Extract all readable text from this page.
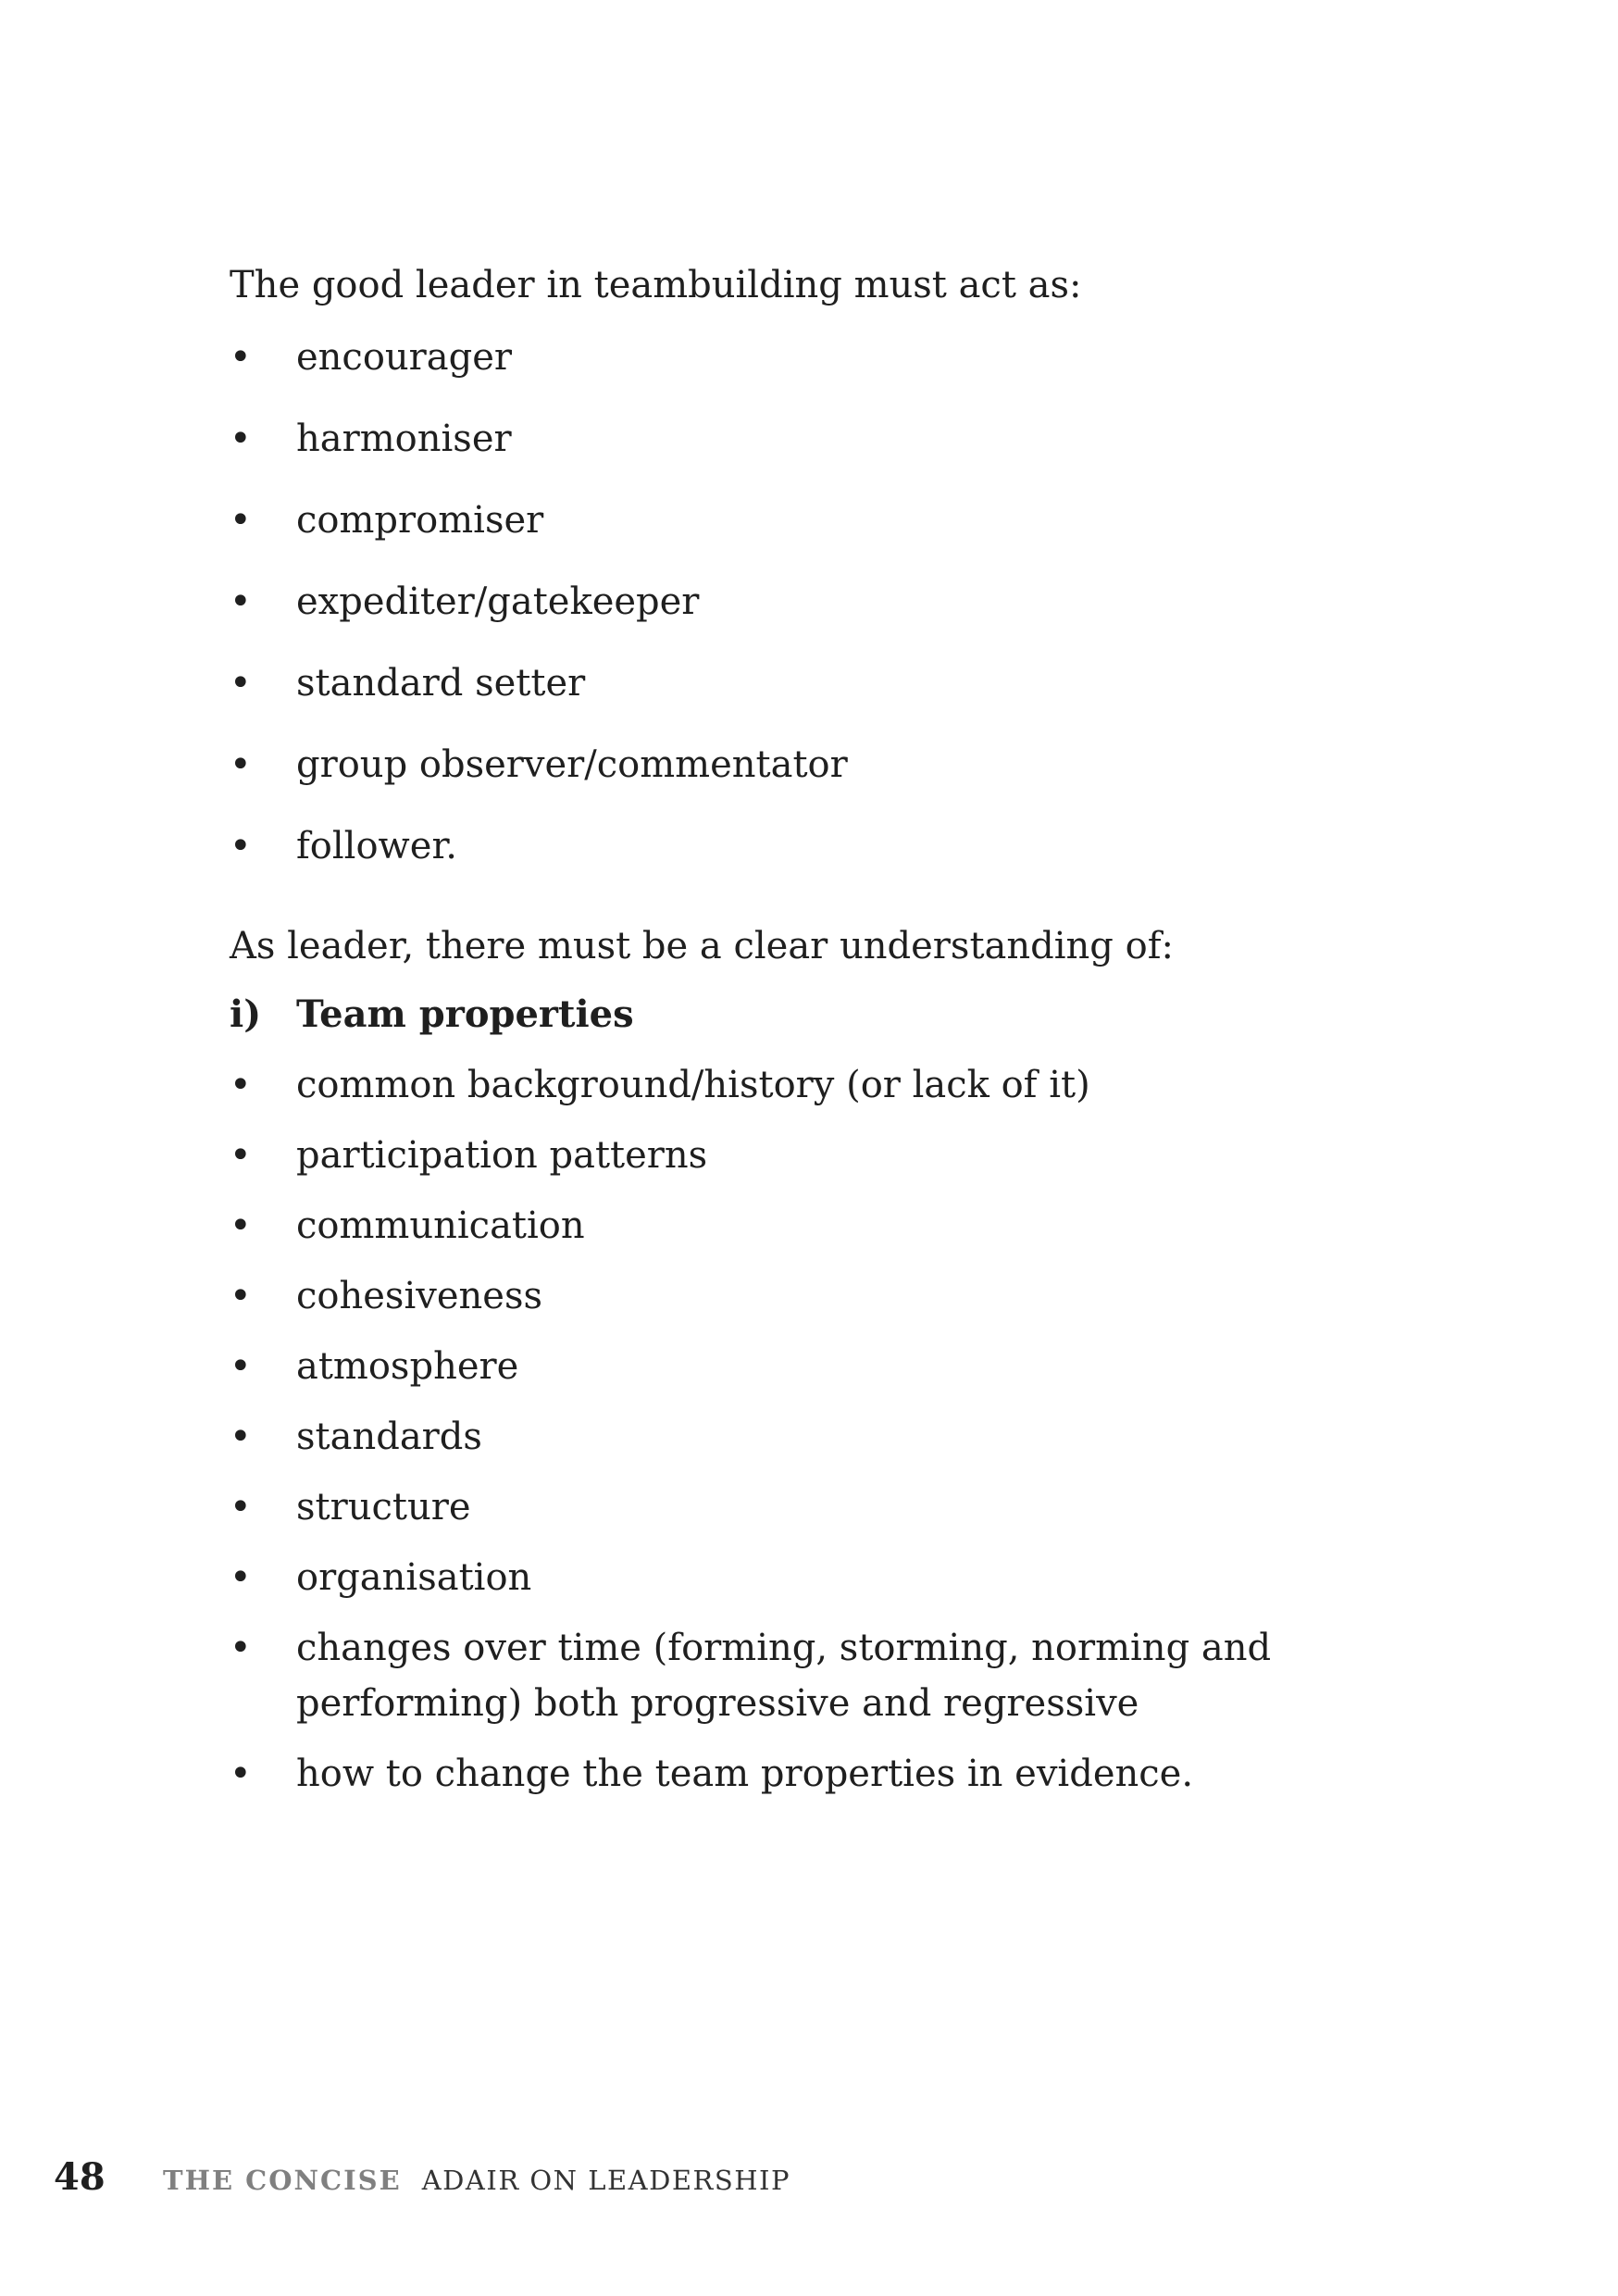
The good leader in teambuilding must act as:

•	encourager
•	harmoniser
•	compromiser
•	expediter/gatekeeper
•	standard setter
•	group observer/commentator
•	follower.

As leader, there must be a clear understanding of:

i) Team properties
•	common background/history (or lack of it)
•	participation patterns
•	communication
•	cohesiveness
•	atmosphere
•	standards
•	structure
•	organisation
•	changes over time (forming, storming, norming and performing) both progressive and regressive
•	how to change the team properties in evidence.
48	THE CONCISE ADAIR ON LEADERSHIP
